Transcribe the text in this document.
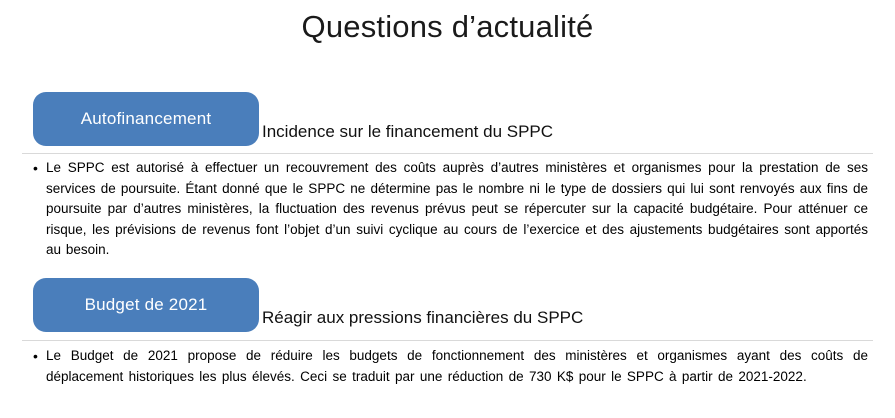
Questions d’actualité
Autofinancement
Incidence sur le financement du SPPC
• Le SPPC est autorisé à effectuer un recouvrement des coûts auprès d’autres ministères et organismes pour la prestation de ses services de poursuite. Étant donné que le SPPC ne détermine pas le nombre ni le type de dossiers qui lui sont renvoyés aux fins de poursuite par d’autres ministères, la fluctuation des revenus prévus peut se répercuter sur la capacité budgétaire. Pour atténuer ce risque, les prévisions de revenus font l’objet d’un suivi cyclique au cours de l’exercice et des ajustements budgétaires sont apportés au besoin.
Budget de 2021
Réagir aux pressions financières du SPPC
• Le Budget de 2021 propose de réduire les budgets de fonctionnement des ministères et organismes ayant des coûts de déplacement historiques les plus élevés. Ceci se traduit par une réduction de 730 K$ pour le SPPC à partir de 2021-2022.
